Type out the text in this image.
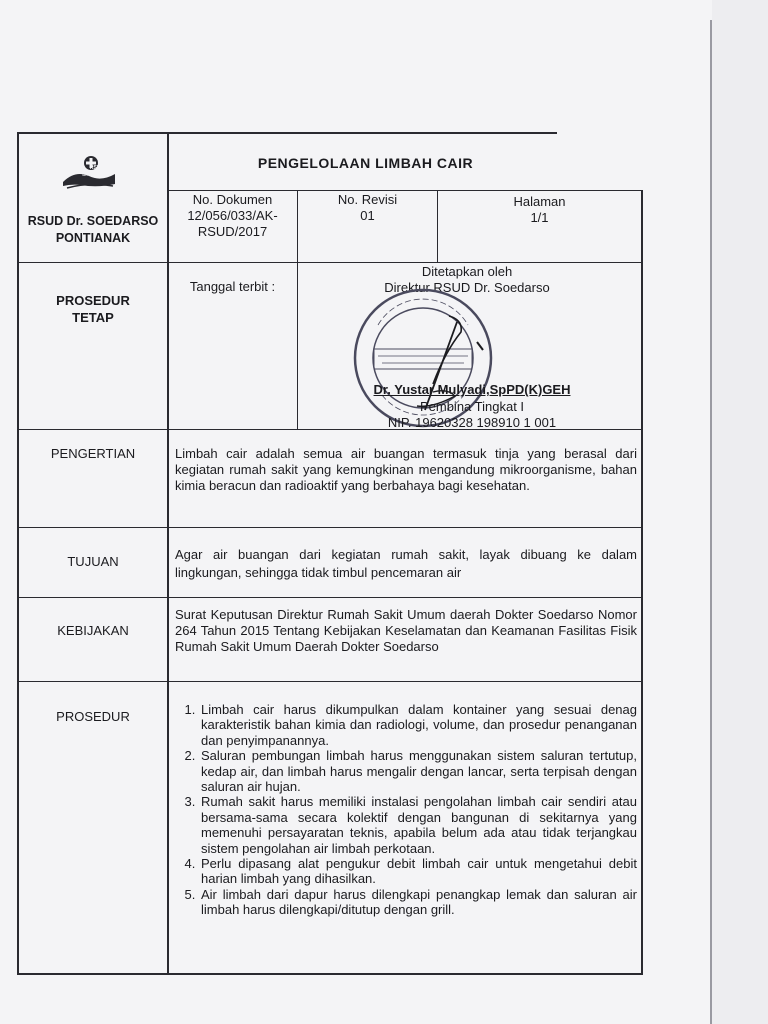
RSUD
Dr. SOEDARSO
RSUD Dr. SOEDARSO
PONTIANAK
PENGELOLAAN LIMBAH CAIR
No. Dokumen
12/056/033/AK-
RSUD/2017
No. Revisi
01
Halaman
1/1
PROSEDUR
TETAP
Tanggal terbit :
Ditetapkan oleh
Direktur RSUD Dr. Soedarso
Dr. Yustar Mulyadi,SpPD(K)GEH
Pembina Tingkat I
NIP. 19620328 198910 1 001
PENGERTIAN	Limbah cair adalah semua air buangan termasuk tinja yang berasal dari kegiatan rumah sakit yang kemungkinan mengandung mikroorganisme, bahan kimia beracun dan radioaktif yang berbahaya bagi kesehatan.
TUJUAN	Agar air buangan dari kegiatan rumah sakit, layak dibuang ke dalam lingkungan, sehingga tidak timbul pencemaran air
KEBIJAKAN
Surat Keputusan Direktur Rumah Sakit Umum daerah Dokter Soedarso Nomor 264 Tahun 2015 Tentang Kebijakan Keselamatan dan Keamanan Fasilitas Fisik Rumah Sakit Umum Daerah Dokter Soedarso
PROSEDUR
1.	Limbah cair harus dikumpulkan dalam kontainer yang sesuai denag karakteristik bahan kimia dan radiologi, volume, dan prosedur penanganan dan penyimpanannya.
2. Saluran pembungan limbah harus menggunakan sistem saluran tertutup, kedap air, dan limbah harus mengalir dengan lancar, serta terpisah dengan saluran air hujan.
3. Rumah sakit harus memiliki instalasi pengolahan limbah cair sendiri atau bersama-sama secara kolektif dengan bangunan di sekitarnya yang memenuhi persayaratan teknis, apabila belum ada atau tidak terjangkau sistem pengolahan air limbah perkotaan.
4. Perlu dipasang alat pengukur debit limbah cair untuk mengetahui debit harian limbah yang dihasilkan.
5. Air limbah dari dapur harus dilengkapi penangkap lemak dan saluran air limbah harus dilengkapi/ditutup dengan grill.
